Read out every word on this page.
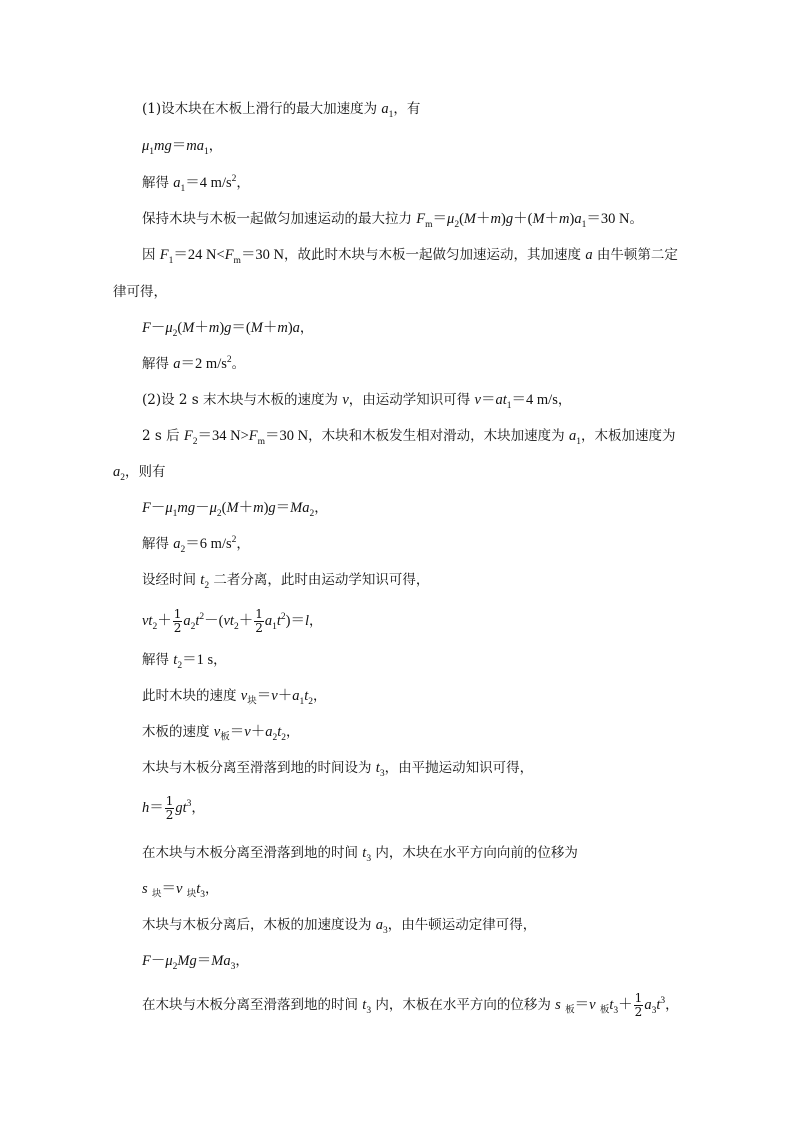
(1)设木块在木板上滑行的最大加速度为 $a_1$，有
$\mu_1mg=ma_1$，
解得 $a_1=4$ $m/s^2$，
保持木块与木板一起做匀加速运动的最大拉力 $F_m=\mu_2(M+m)g+(M+m)a_1=30$ N。
因 $F_1=24$ $N<F_m=30$ N，故此时木块与木板一起做匀加速运动，其加速度 a 由牛顿第二定
律可得，
$F-\mu_2(M+m)g=(M+m)a$，
解得 a＝2 $m/s^2$。
(2)设 2 s 末木块与木板的速度为 v，由运动学知识可得 $v=at_1=4$ m/s，
2 s 后 $F_2=34$ $N>F_m=30$ N，木块和木板发生相对滑动，木块加速度为 $a_1$，木板加速度为
$a_2$，则有
$F-\mu_1mg-\mu_2(M+m)g=Ma_2$，
解得 $a_2=6$ $m/s^2$，
设经时间 $t_2$ 二者分离，此时由运动学知识可得，
$vt_2+ \frac{1}{2} a_2t^2-(vt_2+ \frac{1}{2} a_1t^2)=l$，
解得 $t_2=1$ s，
此时木块的速度 $v_块=v+a_1t_2$，
木板的速度 $v_板=v+a_2t_2$，
木块与木板分离至滑落到地的时间设为 $t_3$，由平抛运动知识可得，
$h= \frac{1}{2} gt^3$，
在木块与木板分离至滑落到地的时间 $t_3$ 内，木块在水平方向向前的位移为
s $_块$＝v $_块t_3$，
木块与木板分离后，木板的加速度设为 $a_3$，由牛顿运动定律可得，
$F-\mu_2Mg=Ma_3$，
在木块与木板分离至滑落到地的时间 $t_3$ 内，木板在水平方向的位移为 s $_板$＝v $_板t_3+ \frac{1}{2} a_3t^3$，
